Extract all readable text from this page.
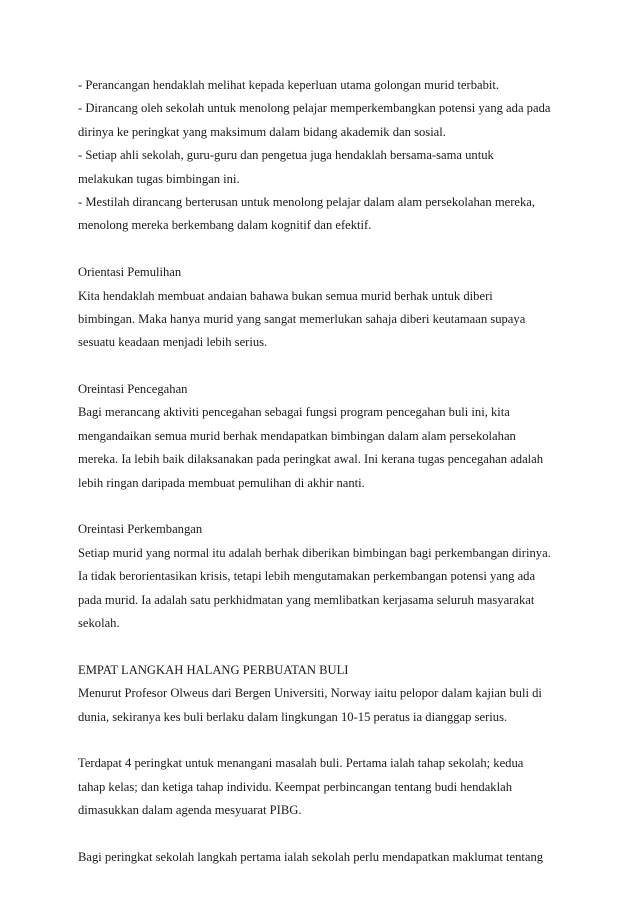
- Perancangan hendaklah melihat kepada keperluan utama golongan murid terbabit.
- Dirancang oleh sekolah untuk menolong pelajar memperkembangkan potensi yang ada pada
dirinya ke peringkat yang maksimum dalam bidang akademik dan sosial.
- Setiap ahli sekolah, guru-guru dan pengetua juga hendaklah bersama-sama untuk
melakukan tugas bimbingan ini.
- Mestilah dirancang berterusan untuk menolong pelajar dalam alam persekolahan mereka,
menolong mereka berkembang dalam kognitif dan efektif.
Orientasi Pemulihan
Kita hendaklah membuat andaian bahawa bukan semua murid berhak untuk diberi
bimbingan. Maka hanya murid yang sangat memerlukan sahaja diberi keutamaan supaya
sesuatu keadaan menjadi lebih serius.
Oreintasi Pencegahan
Bagi merancang aktiviti pencegahan sebagai fungsi program pencegahan buli ini, kita
mengandaikan semua murid berhak mendapatkan bimbingan dalam alam persekolahan
mereka. Ia lebih baik dilaksanakan pada peringkat awal. Ini kerana tugas pencegahan adalah
lebih ringan daripada membuat pemulihan di akhir nanti.
Oreintasi Perkembangan
Setiap murid yang normal itu adalah berhak diberikan bimbingan bagi perkembangan dirinya.
Ia tidak berorientasikan krisis, tetapi lebih mengutamakan perkembangan potensi yang ada
pada murid. Ia adalah satu perkhidmatan yang memlibatkan kerjasama seluruh masyarakat
sekolah.
EMPAT LANGKAH HALANG PERBUATAN BULI
Menurut Profesor Olweus dari Bergen Universiti, Norway iaitu pelopor dalam kajian buli di
dunia, sekiranya kes buli berlaku dalam lingkungan 10-15 peratus ia dianggap serius.
Terdapat 4 peringkat untuk menangani masalah buli. Pertama ialah tahap sekolah; kedua
tahap kelas; dan ketiga tahap individu. Keempat perbincangan tentang budi hendaklah
dimasukkan dalam agenda mesyuarat PIBG.
Bagi peringkat sekolah langkah pertama ialah sekolah perlu mendapatkan maklumat tentang
